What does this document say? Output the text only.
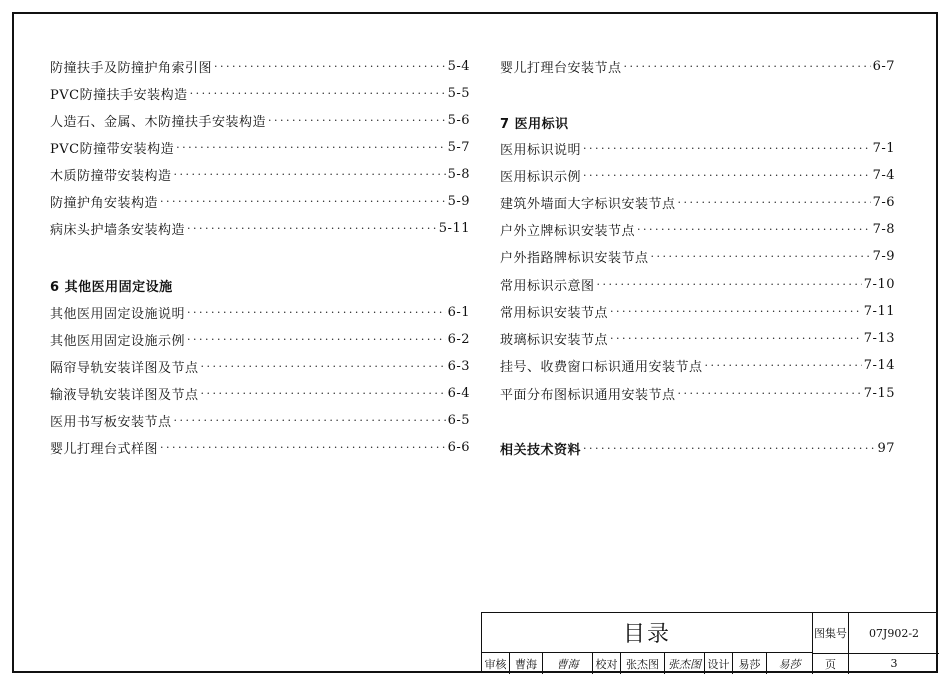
防撞扶手及防撞护角索引图 ·····	5-4
PVC防撞扶手安装构造 ·····	5-5
人造石、金属、木防撞扶手安装构造 ·····	5-6
PVC防撞带安装构造 ·····	5-7
木质防撞带安装构造 ·····	5-8
防撞护角安装构造 ·····	5-9
病床头护墙条安装构造 ·····	5-11
6 其他医用固定设施
其他医用固定设施说明 ·····	6-1
其他医用固定设施示例 ·····	6-2
隔帘导轨安装详图及节点 ·····	6-3
输液导轨安装详图及节点 ·····	6-4
医用书写板安装节点 ·····	6-5
婴儿打理台式样图 ·····	6-6
婴儿打理台安装节点 ·····	6-7
7 医用标识
医用标识说明 ·····	7-1
医用标识示例 ·····	7-4
建筑外墙面大字标识安装节点 ·····	7-6
户外立牌标识安装节点 ·····	7-8
户外指路牌标识安装节点 ·····	7-9
常用标识示意图 ·····	7-10
常用标识安装节点 ·····	7-11
玻璃标识安装节点 ·····	7-13
挂号、收费窗口标识通用安装节点 ·····	7-14
平面分布图标识通用安装节点 ·····	7-15
相关技术资料 ·····	97
目录	图集号	07J902-2
审核 曹海	曹海	校对 张杰图 张杰图 设计 易莎	易莎	页	3
